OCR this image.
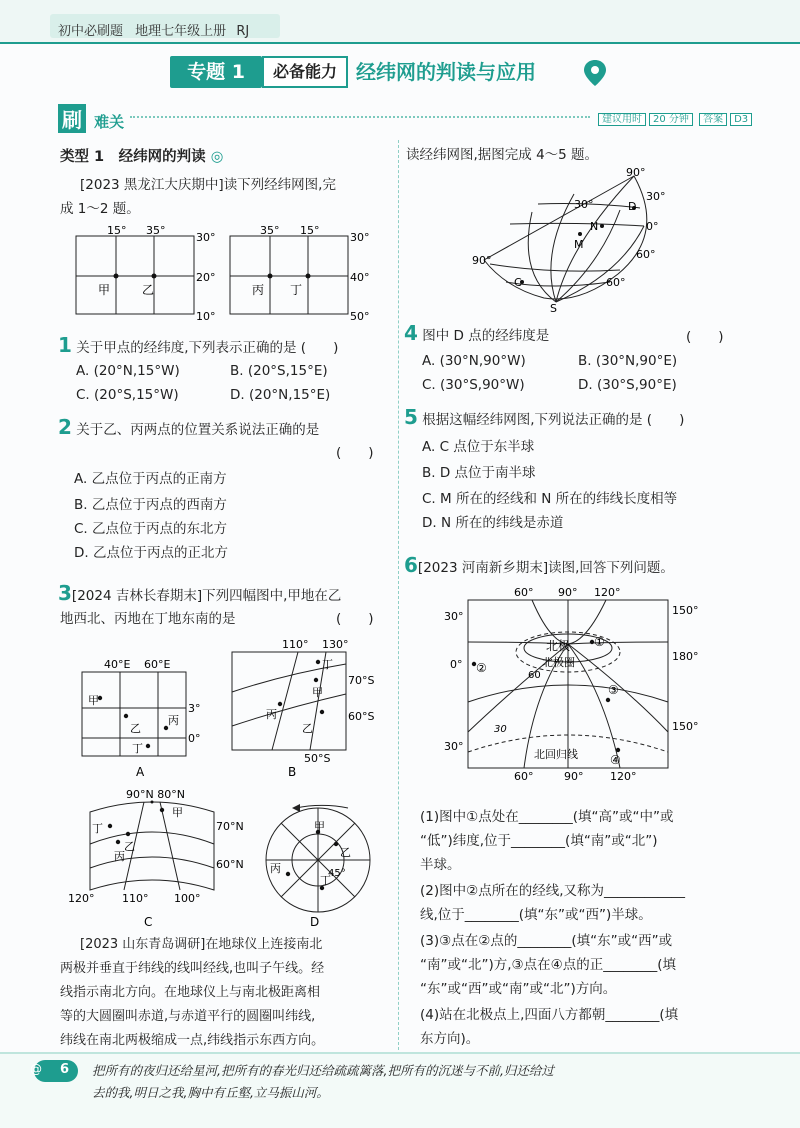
初中必刷题 地理七年级上册 RJ
专题 1	必备能力 经纬网的判读与应用
刷 难关	建议用时 20 分钟 答案 D3
类型 1　经纬网的判读 ◎
[2023 黑龙江大庆期中]读下列经纬网图,完
成 1～2 题。
15° 35°
30°
20°
10°
甲	乙
35° 15°
30°
40°
50°
丙 丁
1 关于甲点的经纬度,下列表示正确的是 (　　)
A. (20°N,15°W)	B. (20°S,15°E)
C. (20°S,15°W)	D. (20°N,15°E)
2 关于乙、丙两点的位置关系说法正确的是
(　　)
A. 乙点位于丙点的正南方
B. 乙点位于丙点的西南方
C. 乙点位于丙点的东北方
D. 乙点位于丙点的正北方
3[2024 吉林长春期末]下列四幅图中,甲地在乙
地西北、丙地在丁地东南的是	(　　)
40°E 60°E
3°
0°
甲
乙
丙
丁
A
110° 130°
70°S
60°S
50°S
丁
甲
丙
乙
B
90°N 80°N
70°N
60°N
120°	110° 100°
甲
丁
乙
丙
C
甲
乙
丙
丁
45°
D
[2023 山东青岛调研]在地球仪上连接南北
两极并垂直于纬线的线叫经线,也叫子午线。经
线指示南北方向。在地球仪上与南北极距离相
等的大圆圈叫赤道,与赤道平行的圆圈叫纬线,
纬线在南北两极缩成一点,纬线指示东西方向。
读经纬网图,据图完成 4～5 题。
90°
30°
30°
0°
90°	60°
60°
D
N
M
C
S
4 图中 D 点的经纬度是	(　　)
A. (30°N,90°W)	B. (30°N,90°E)
C. (30°S,90°W)	D. (30°S,90°E)
5 根据这幅经纬网图,下列说法正确的是 (　　)
A. C 点位于东半球
B. D 点位于南半球
C. M 所在的经线和 N 所在的纬线长度相等
D. N 所在的纬线是赤道
6[2023 河南新乡期末]读图,回答下列问题。
60° 90° 120°
30°
0°
30°
150°
180°
150°
60°	90° 120°
30
北极
北极圈
北回归线
60
①
②
③
④
(1)图中①点处在________(填“高”或“中”或
“低”)纬度,位于________(填“南”或“北”)
半球。
(2)图中②点所在的经线,又称为____________
线,位于________(填“东”或“西”)半球。
(3)③点在②点的________(填“东”或“西”或
“南”或“北”)方,③点在④点的正________(填
“东”或“西”或“南”或“北”)方向。
(4)站在北极点上,四面八方都朝________(填
东方向)。
@ 6 把所有的夜归还给星河,把所有的春光归还给疏疏篱落,把所有的沉迷与不前,归还给过
去的我,明日之我,胸中有丘壑,立马振山河。
